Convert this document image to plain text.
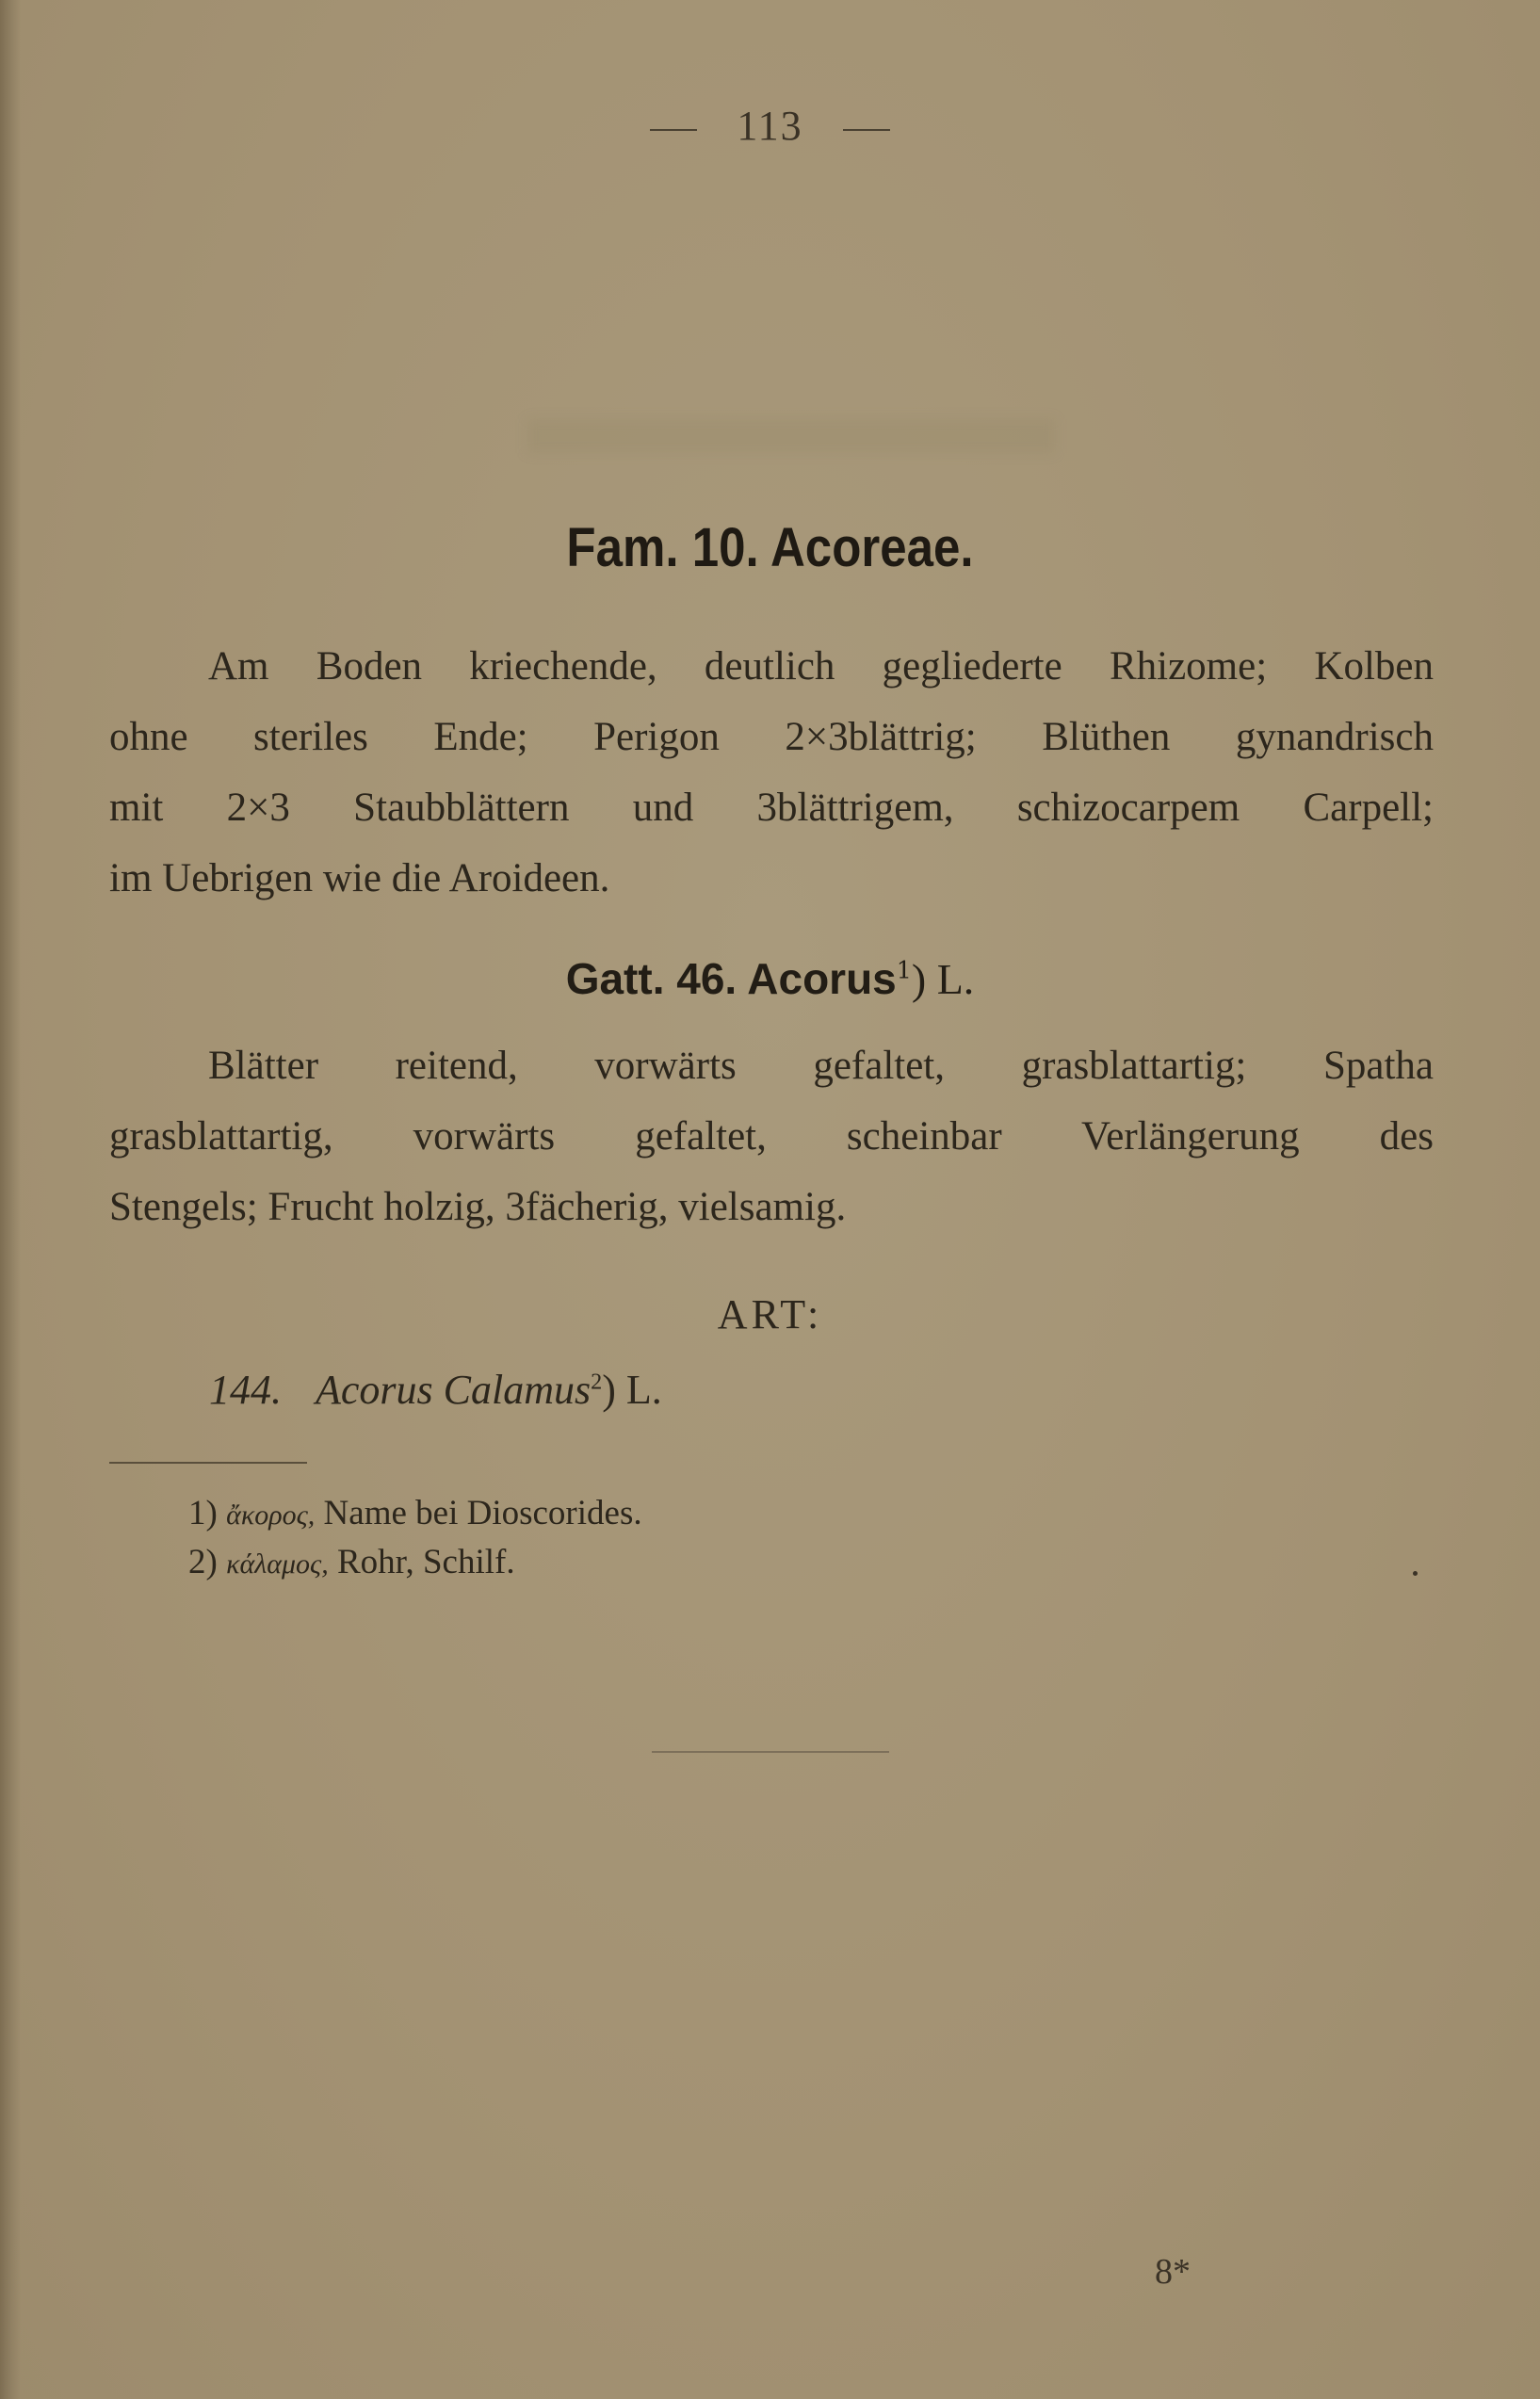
113
Fam. 10. Acoreae.
Am Boden kriechende, deutlich gegliederte Rhizome; Kolben
ohne steriles Ende; Perigon 2×3blättrig; Blüthen gynandrisch
mit 2×3 Staubblättern und 3blättrigem, schizocarpem Carpell;
im Uebrigen wie die Aroideen.
Gatt. 46. Acorus$^1$) L.
Blätter reitend, vorwärts gefaltet, grasblattartig; Spatha
grasblattartig, vorwärts gefaltet, scheinbar Verlängerung des
Stengels; Frucht holzig, 3fächerig, vielsamig.
ART:
144. Acorus Calamus$^2$) L.
1) ἄκορος, Name bei Dioscorides.
2) κάλαμος, Rohr, Schilf.
8*
